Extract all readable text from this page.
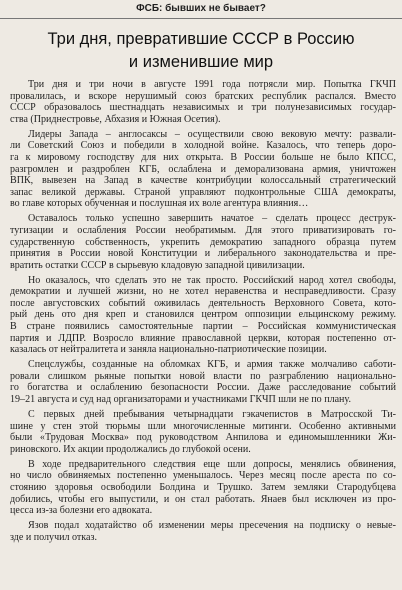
ФСБ: бывших не бывает?
Три дня, превратившие СССР в Россию
и изменившие мир
Три дня и три ночи в августе 1991 года потрясли мир. Попытка ГКЧП
провалилась, и вскоре нерушимый союз братских республик распался. Вместо
СССР образовалось шестнадцать независимых и три полунезависимых государ-
ства (Приднестровье, Абхазия и Южная Осетия).
Лидеры Запада – англосаксы – осуществили свою вековую мечту: развали-
ли Советский Союз и победили в холодной войне. Казалось, что теперь доро-
га к мировому господству для них открыта. В России больше не было КПСС,
разгромлен и раздроблен КГБ, ослаблена и деморализована армия, уничтожен
ВПК, вывезен на Запад в качестве контрибуции колоссальный стратегический
запас великой державы. Страной управляют подконтрольные США демократы,
во главе которых обученная и послушная их воле агентура влияния…
Оставалось только успешно завершить начатое – сделать процесс деструк-
тугизации и ослабления России необратимым. Для этого приватизировать го-
сударственную собственность, укрепить демократию западного образца путем
принятия в России новой Конституции и либерального законодательства и пре-
вратить остатки СССР в сырьевую кладовую западной цивилизации.
Но оказалось, что сделать это не так просто. Российский народ хотел свободы,
демократии и лучшей жизни, но не хотел неравенства и несправедливости. Сразу
после августовских событий оживилась деятельность Верховного Совета, кото-
рый день ото дня креп и становился центром оппозиции ельцинскому режиму.
В стране появились самостоятельные партии – Российская коммунистическая
партия и ЛДПР. Возросло влияние православной церкви, которая постепенно от-
казалась от нейтралитета и заняла национально-патриотические позиции.
Спецслужбы, созданные на обломках КГБ, и армия также молчаливо саботи-
ровали слишком рьяные попытки новой власти по разграблению национально-
го богатства и ослаблению безопасности России. Даже расследование событий
19–21 августа и суд над организаторами и участниками ГКЧП шли не по плану.
С первых дней пребывания четырнадцати гэкачепистов в Матросской Ти-
шине у стен этой тюрьмы шли многочисленные митинги. Особенно активными
были «Трудовая Москва» под руководством Анпилова и единомышленники Жи-
риновского. Их акции продолжались до глубокой осени.
В ходе предварительного следствия еще шли допросы, менялись обвинения,
но число обвиняемых постепенно уменьшалось. Через месяц после ареста по со-
стоянию здоровья освободили Болдина и Трушко. Затем земляки Стародубцева
добились, чтобы его выпустили, и он стал работать. Янаев был исключен из про-
цесса из-за болезни его адвоката.
Язов подал ходатайство об изменении меры пресечения на подписку о невые-
зде и получил отказ.
